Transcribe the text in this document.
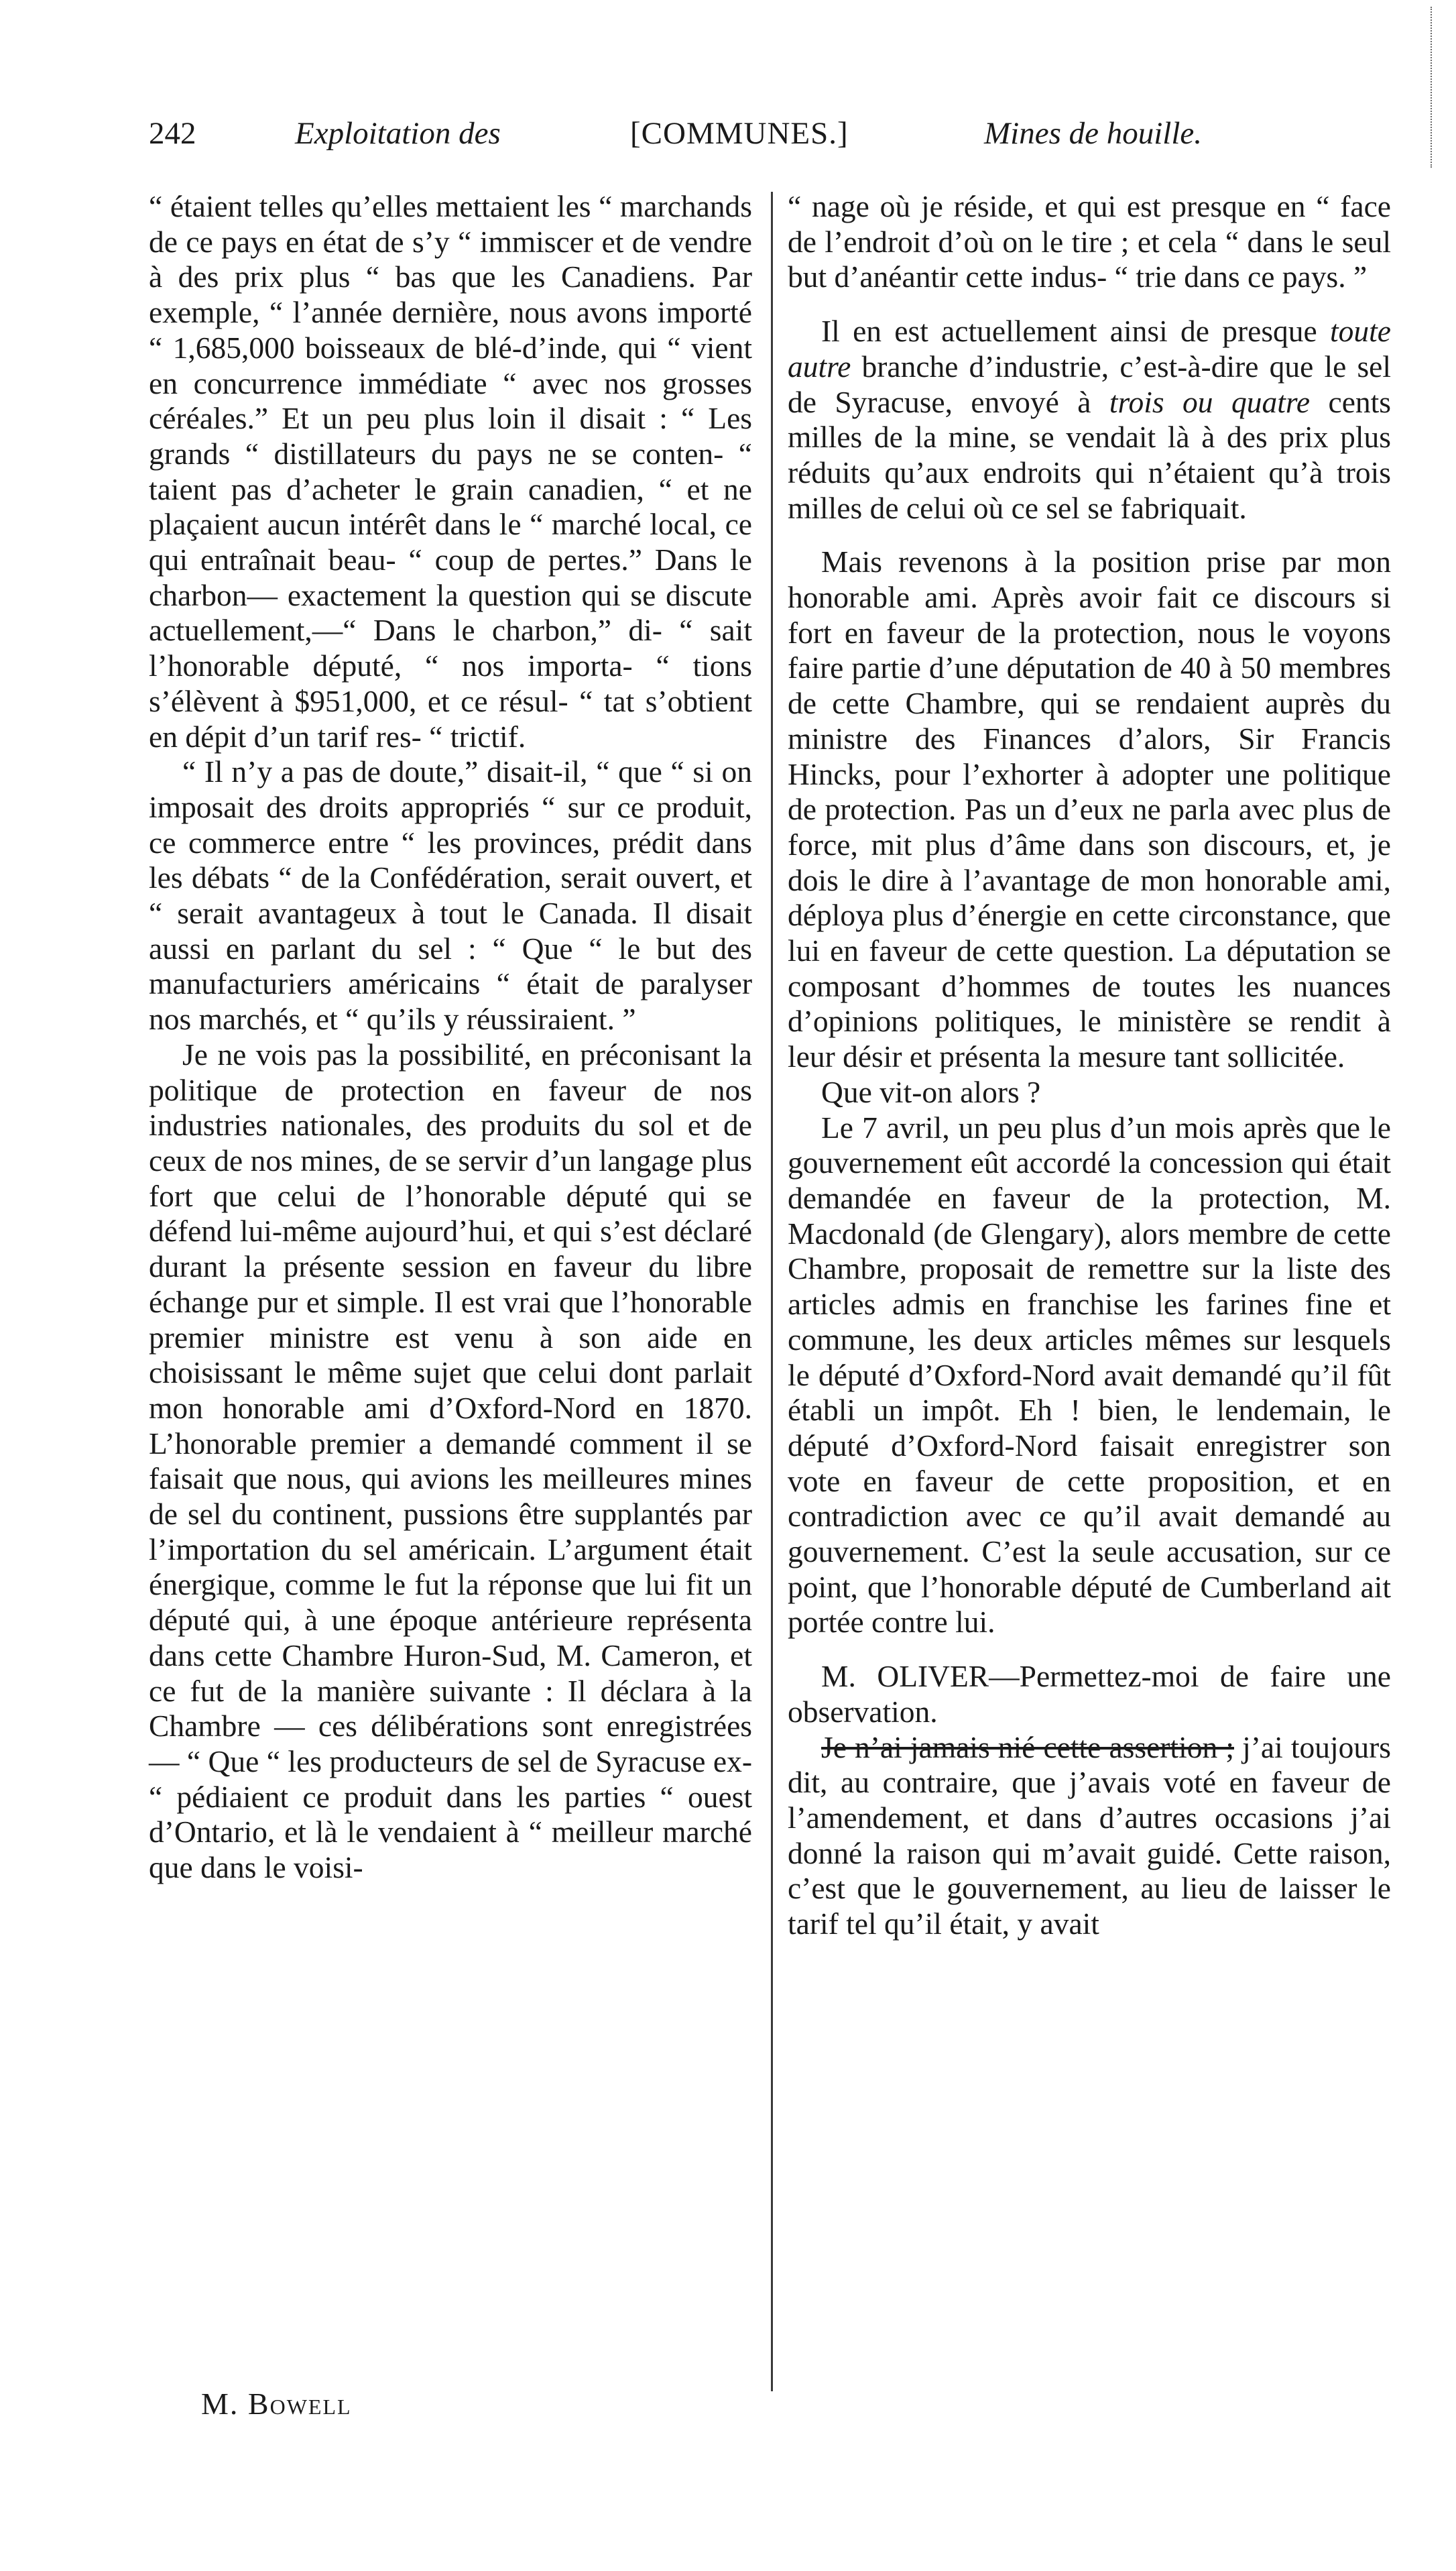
242	Exploitation des	[COMMUNES.]	Mines de houille.

“ étaient telles qu’elles mettaient les “ marchands de ce pays en état de s’y “ immiscer et de vendre à des prix plus “ bas que les Canadiens. Par exemple, “ l’année dernière, nous avons importé “ 1,685,000 boisseaux de blé-d’inde, qui “ vient en concurrence immédiate “ avec nos grosses céréales.” Et un peu plus loin il disait : “ Les grands “ distillateurs du pays ne se conten- “ taient pas d’acheter le grain canadien, “ et ne plaçaient aucun intérêt dans le “ marché local, ce qui entraînait beau- “ coup de pertes.” Dans le charbon— exactement la question qui se discute actuellement,—“ Dans le charbon,” di- “ sait l’honorable député, “ nos importa- “ tions s’élèvent à $951,000, et ce résul- “ tat s’obtient en dépit d’un tarif res- “ trictif.

“ Il n’y a pas de doute,” disait-il, “ que “ si on imposait des droits appropriés “ sur ce produit, ce commerce entre “ les provinces, prédit dans les débats “ de la Confédération, serait ouvert, et “ serait avantageux à tout le Canada. Il disait aussi en parlant du sel : “ Que “ le but des manufacturiers américains “ était de paralyser nos marchés, et “ qu’ils y réussiraient. ”

Je ne vois pas la possibilité, en préconisant la politique de protection en faveur de nos industries nationales, des produits du sol et de ceux de nos mines, de se servir d’un langage plus fort que celui de l’honorable député qui se défend lui-même aujourd’hui, et qui s’est déclaré durant la présente session en faveur du libre échange pur et simple. Il est vrai que l’honorable premier ministre est venu à son aide en choisissant le même sujet que celui dont parlait mon honorable ami d’Oxford-Nord en 1870. L’honorable premier a demandé comment il se faisait que nous, qui avions les meilleures mines de sel du continent, pussions être supplantés par l’importation du sel américain. L’argument était énergique, comme le fut la réponse que lui fit un député qui, à une époque antérieure représenta dans cette Chambre Huron-Sud, M. Cameron, et ce fut de la manière suivante : Il déclara à la Chambre — ces délibérations sont enregistrées — “ Que “ les producteurs de sel de Syracuse ex- “ pédiaient ce produit dans les parties “ ouest d’Ontario, et là le vendaient à “ meilleur marché que dans le voisi-

“ nage où je réside, et qui est presque en “ face de l’endroit d’où on le tire ; et cela “ dans le seul but d’anéantir cette indus- “ trie dans ce pays. ”

Il en est actuellement ainsi de presque toute autre branche d’industrie, c’est-à-dire que le sel de Syracuse, envoyé à trois ou quatre cents milles de la mine, se vendait là à des prix plus réduits qu’aux endroits qui n’étaient qu’à trois milles de celui où ce sel se fabriquait.

Mais revenons à la position prise par mon honorable ami. Après avoir fait ce discours si fort en faveur de la protection, nous le voyons faire partie d’une députation de 40 à 50 membres de cette Chambre, qui se rendaient auprès du ministre des Finances d’alors, Sir Francis Hincks, pour l’exhorter à adopter une politique de protection. Pas un d’eux ne parla avec plus de force, mit plus d’âme dans son discours, et, je dois le dire à l’avantage de mon honorable ami, déploya plus d’énergie en cette circonstance, que lui en faveur de cette question. La députation se composant d’hommes de toutes les nuances d’opinions politiques, le ministère se rendit à leur désir et présenta la mesure tant sollicitée.

Que vit-on alors ?

Le 7 avril, un peu plus d’un mois après que le gouvernement eût accordé la concession qui était demandée en faveur de la protection, M. Macdonald (de Glengary), alors membre de cette Chambre, proposait de remettre sur la liste des articles admis en franchise les farines fine et commune, les deux articles mêmes sur lesquels le député d’Oxford-Nord avait demandé qu’il fût établi un impôt. Eh ! bien, le lendemain, le député d’Oxford-Nord faisait enregistrer son vote en faveur de cette proposition, et en contradiction avec ce qu’il avait demandé au gouvernement. C’est la seule accusation, sur ce point, que l’honorable député de Cumberland ait portée contre lui.

M. OLIVER—Permettez-moi de faire une observation.

Je n’ai jamais nié cette assertion ; j’ai toujours dit, au contraire, que j’avais voté en faveur de l’amendement, et dans d’autres occasions j’ai donné la raison qui m’avait guidé. Cette raison, c’est que le gouvernement, au lieu de laisser le tarif tel qu’il était, y avait

M. Bowell
